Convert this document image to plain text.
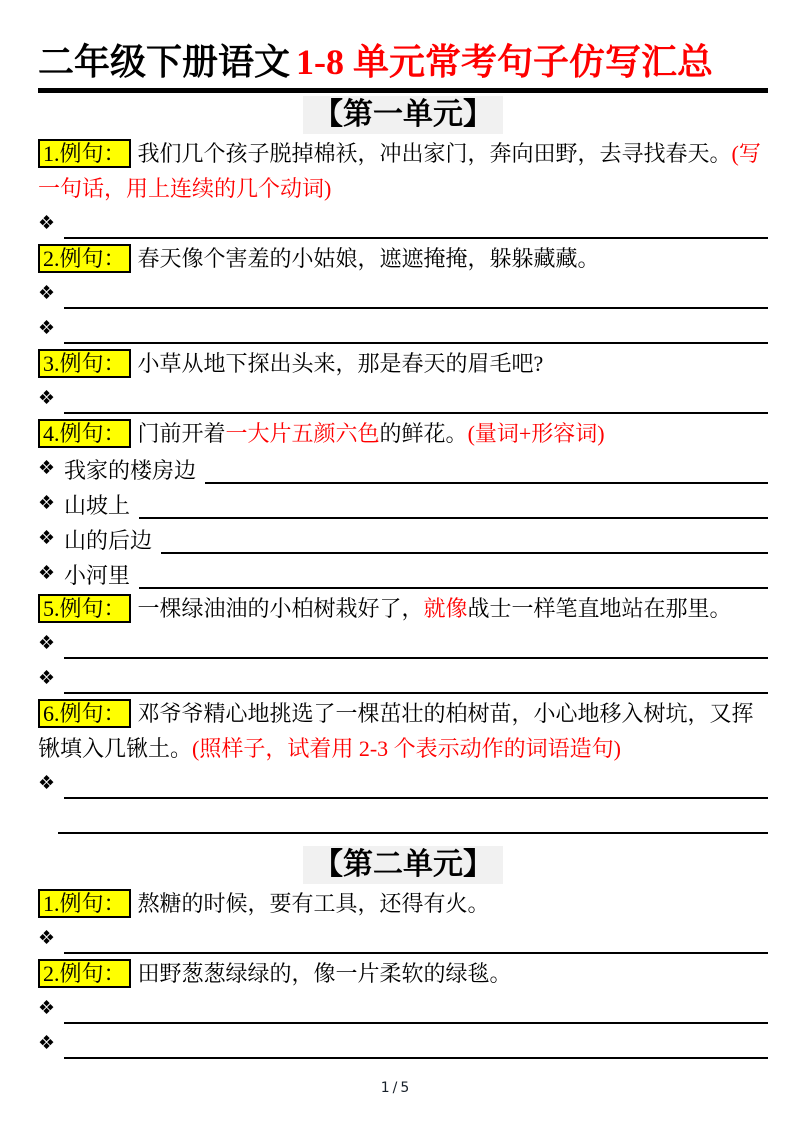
二年级下册语文 1-8 单元常考句子仿写汇总
【第一单元】
1.例句： 我们几个孩子脱掉棉袄，冲出家门，奔向田野，去寻找春天。(写一句话，用上连续的几个动词)
❖
2.例句： 春天像个害羞的小姑娘，遮遮掩掩，躲躲藏藏。
❖
❖
3.例句： 小草从地下探出头来，那是春天的眉毛吧?
❖
4.例句： 门前开着一大片五颜六色的鲜花。(量词+形容词)
❖ 我家的楼房边
❖ 山坡上
❖ 山的后边
❖ 小河里
5.例句： 一棵绿油油的小柏树栽好了，就像战士一样笔直地站在那里。
❖
❖
6.例句： 邓爷爷精心地挑选了一棵茁壮的柏树苗，小心地移入树坑，又挥锹填入几锹土。(照样子，试着用 2-3 个表示动作的词语造句)
❖
【第二单元】
1.例句： 熬糖的时候，要有工具，还得有火。
❖
2.例句： 田野葱葱绿绿的，像一片柔软的绿毯。
❖
❖
1/5
